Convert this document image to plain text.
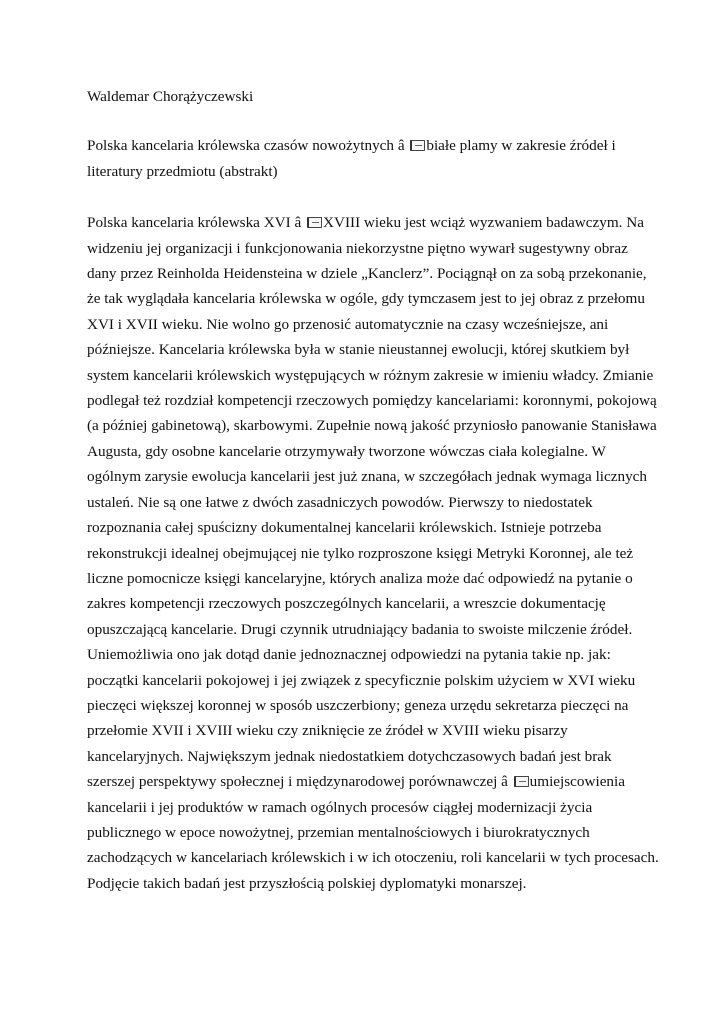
Waldemar Chorążyczewski

Polska kancelaria królewska czasów nowożytnych â białe plamy w zakresie źródeł i
literatury przedmiotu (abstrakt)

Polska kancelaria królewska XVI â XVIII wieku jest wciąż wyzwaniem badawczym. Na
widzeniu jej organizacji i funkcjonowania niekorzystne piętno wywarł sugestywny obraz
dany przez Reinholda Heidensteina w dziele „Kanclerz”. Pociągnął on za sobą przekonanie,
że tak wyglądała kancelaria królewska w ogóle, gdy tymczasem jest to jej obraz z przełomu
XVI i XVII wieku. Nie wolno go przenosić automatycznie na czasy wcześniejsze, ani
późniejsze. Kancelaria królewska była w stanie nieustannej ewolucji, której skutkiem był
system kancelarii królewskich występujących w różnym zakresie w imieniu władcy. Zmianie
podlegał też rozdział kompetencji rzeczowych pomiędzy kancelariami: koronnymi, pokojową
(a później gabinetową), skarbowymi. Zupełnie nową jakość przyniosło panowanie Stanisława
Augusta, gdy osobne kancelarie otrzymywały tworzone wówczas ciała kolegialne. W
ogólnym zarysie ewolucja kancelarii jest już znana, w szczegółach jednak wymaga licznych
ustaleń. Nie są one łatwe z dwóch zasadniczych powodów. Pierwszy to niedostatek
rozpoznania całej spuścizny dokumentalnej kancelarii królewskich. Istnieje potrzeba
rekonstrukcji idealnej obejmującej nie tylko rozproszone księgi Metryki Koronnej, ale też
liczne pomocnicze księgi kancelaryjne, których analiza może dać odpowiedź na pytanie o
zakres kompetencji rzeczowych poszczególnych kancelarii, a wreszcie dokumentację
opuszczającą kancelarie. Drugi czynnik utrudniający badania to swoiste milczenie źródeł.
Uniemożliwia ono jak dotąd danie jednoznacznej odpowiedzi na pytania takie np. jak:
początki kancelarii pokojowej i jej związek z specyficznie polskim użyciem w XVI wieku
pieczęci większej koronnej w sposób uszczerbiony; geneza urzędu sekretarza pieczęci na
przełomie XVII i XVIII wieku czy zniknięcie ze źródeł w XVIII wieku pisarzy
kancelaryjnych. Największym jednak niedostatkiem dotychczasowych badań jest brak
szerszej perspektywy społecznej i międzynarodowej porównawczej â umiejscowienia
kancelarii i jej produktów w ramach ogólnych procesów ciągłej modernizacji życia
publicznego w epoce nowożytnej, przemian mentalnościowych i biurokratycznych
zachodzących w kancelariach królewskich i w ich otoczeniu, roli kancelarii w tych procesach.
Podjęcie takich badań jest przyszłością polskiej dyplomatyki monarszej.
